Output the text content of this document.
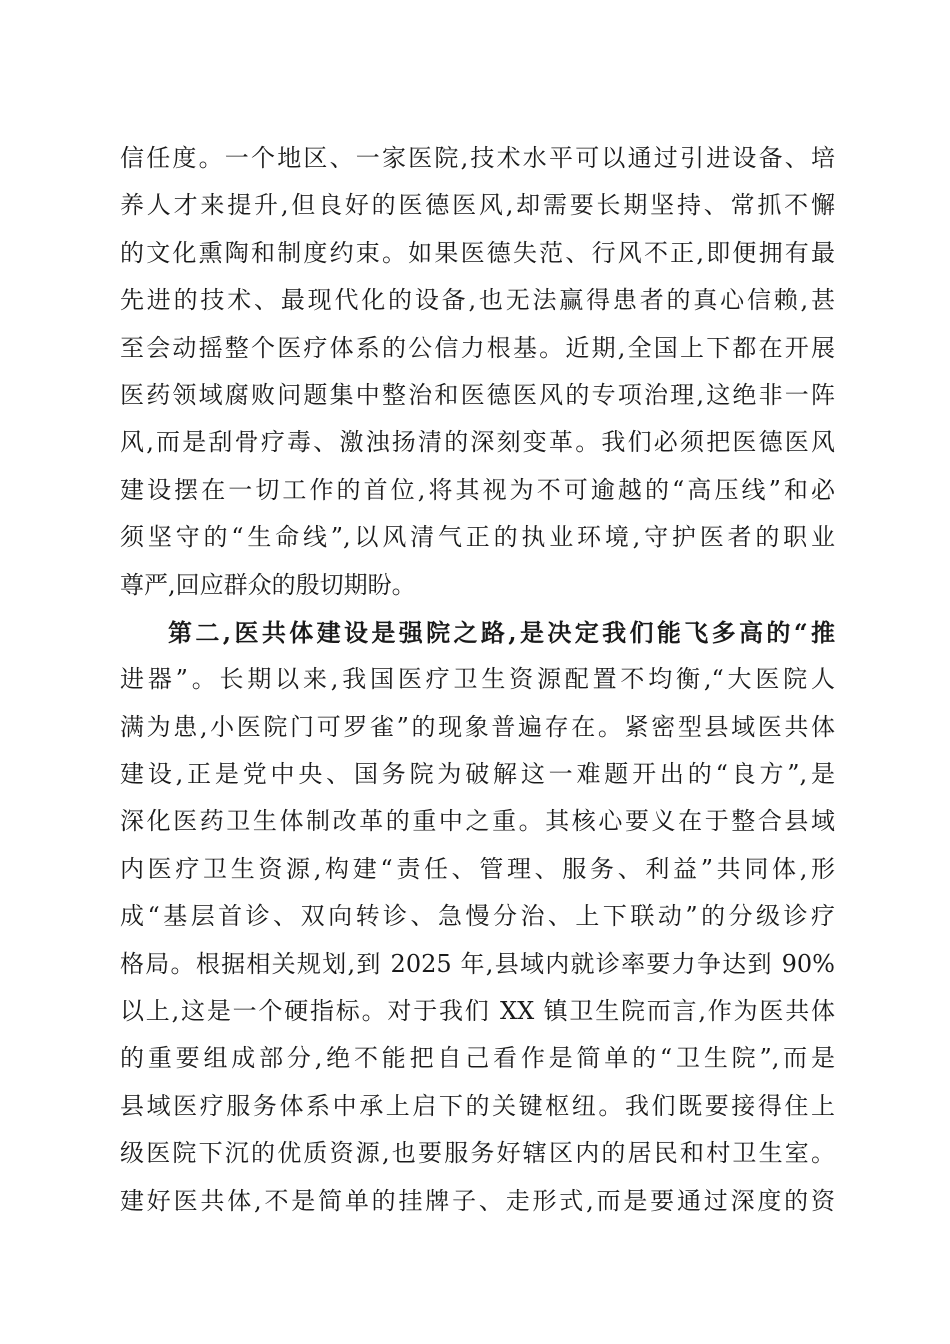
信任度。一个地区、一家医院,技术水平可以通过引进设备、培
养人才来提升,但良好的医德医风,却需要长期坚持、常抓不懈
的文化熏陶和制度约束。如果医德失范、行风不正,即便拥有最
先进的技术、最现代化的设备,也无法赢得患者的真心信赖,甚
至会动摇整个医疗体系的公信力根基。近期,全国上下都在开展
医药领域腐败问题集中整治和医德医风的专项治理,这绝非一阵
风,而是刮骨疗毒、激浊扬清的深刻变革。我们必须把医德医风
建设摆在一切工作的首位,将其视为不可逾越的“高压线”和必
须坚守的“生命线”,以风清气正的执业环境,守护医者的职业
尊严,回应群众的殷切期盼。
第二,医共体建设是强院之路,是决定我们能飞多高的“推
进器”。长期以来,我国医疗卫生资源配置不均衡,“大医院人
满为患,小医院门可罗雀”的现象普遍存在。紧密型县域医共体
建设,正是党中央、国务院为破解这一难题开出的“良方”,是
深化医药卫生体制改革的重中之重。其核心要义在于整合县域
内医疗卫生资源,构建“责任、管理、服务、利益”共同体,形
成“基层首诊、双向转诊、急慢分治、上下联动”的分级诊疗
格局。根据相关规划,到 2025 年,县域内就诊率要力争达到 90%
以上,这是一个硬指标。对于我们 XX 镇卫生院而言,作为医共体
的重要组成部分,绝不能把自己看作是简单的“卫生院”,而是
县域医疗服务体系中承上启下的关键枢纽。我们既要接得住上
级医院下沉的优质资源,也要服务好辖区内的居民和村卫生室。
建好医共体,不是简单的挂牌子、走形式,而是要通过深度的资
